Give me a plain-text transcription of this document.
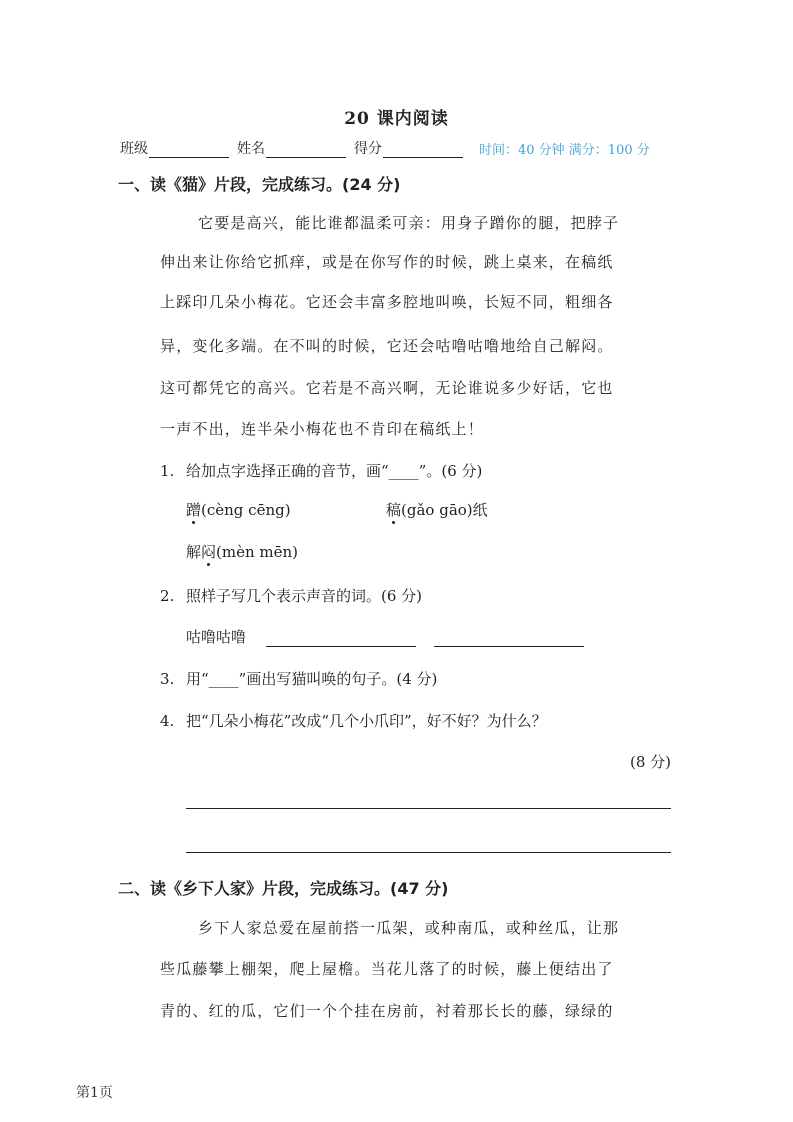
20 课内阅读
班级	姓名	得分	时间：40 分钟 满分：100 分
一、读《猫》片段，完成练习。(24 分)
它要是高兴，能比谁都温柔可亲：用身子蹭你的腿，把脖子
伸出来让你给它抓痒，或是在你写作的时候，跳上桌来，在稿纸
上踩印几朵小梅花。它还会丰富多腔地叫唤，长短不同，粗细各
异，变化多端。在不叫的时候，它还会咕噜咕噜地给自己解闷。
这可都凭它的高兴。它若是不高兴啊，无论谁说多少好话，它也
一声不出，连半朵小梅花也不肯印在稿纸上！
1. 给加点字选择正确的音节，画“____”。(6 分)
蹭(cèng cēng)	稿(gǎo gāo)纸
解闷(mèn mēn)
2. 照样子写几个表示声音的词。(6 分)
咕噜咕噜
3. 用“____”画出写猫叫唤的句子。(4 分)
4. 把“几朵小梅花”改成“几个小爪印”，好不好？为什么？
(8 分)
二、读《乡下人家》片段，完成练习。(47 分)
乡下人家总爱在屋前搭一瓜架，或种南瓜，或种丝瓜，让那
些瓜藤攀上棚架，爬上屋檐。当花儿落了的时候，藤上便结出了
青的、红的瓜，它们一个个挂在房前，衬着那长长的藤，绿绿的
第1页
